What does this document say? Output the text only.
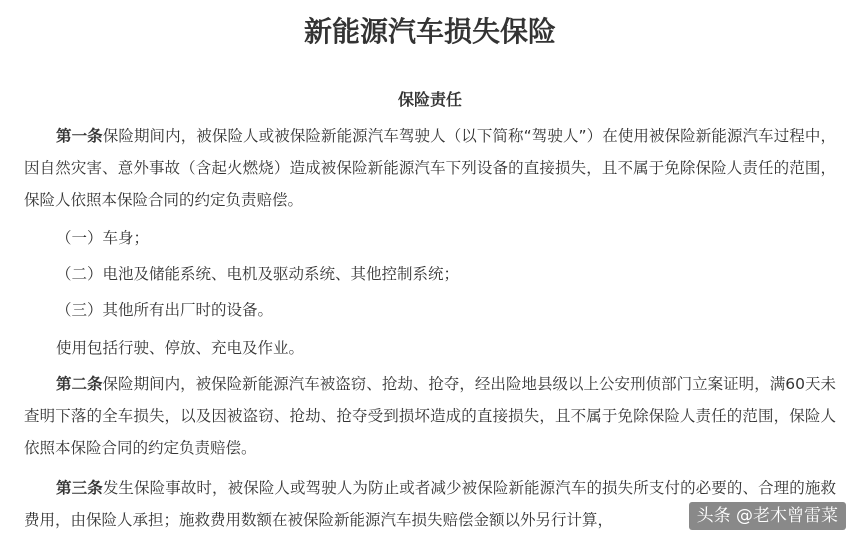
新能源汽车损失保险
保险责任

第一条保险期间内，被保险人或被保险新能源汽车驾驶人（以下简称“驾驶人”）在使用被保险新能源汽车过程中，因自然灾害、意外事故（含起火燃烧）造成被保险新能源汽车下列设备的直接损失，且不属于免除保险人责任的范围，保险人依照本保险合同的约定负责赔偿。

（一）车身；

（二）电池及储能系统、电机及驱动系统、其他控制系统；

（三）其他所有出厂时的设备。

使用包括行驶、停放、充电及作业。

第二条保险期间内，被保险新能源汽车被盗窃、抢劫、抢夺，经出险地县级以上公安刑侦部门立案证明，满60天未查明下落的全车损失，以及因被盗窃、抢劫、抢夺受到损坏造成的直接损失，且不属于免除保险人责任的范围，保险人依照本保险合同的约定负责赔偿。

第三条发生保险事故时，被保险人或驾驶人为防止或者减少被保险新能源汽车的损失所支付的必要的、合理的施救费用，由保险人承担；施救费用数额在被保险新能源汽车损失赔偿金额以外另行计算，	头条 @老木曾雷菜
